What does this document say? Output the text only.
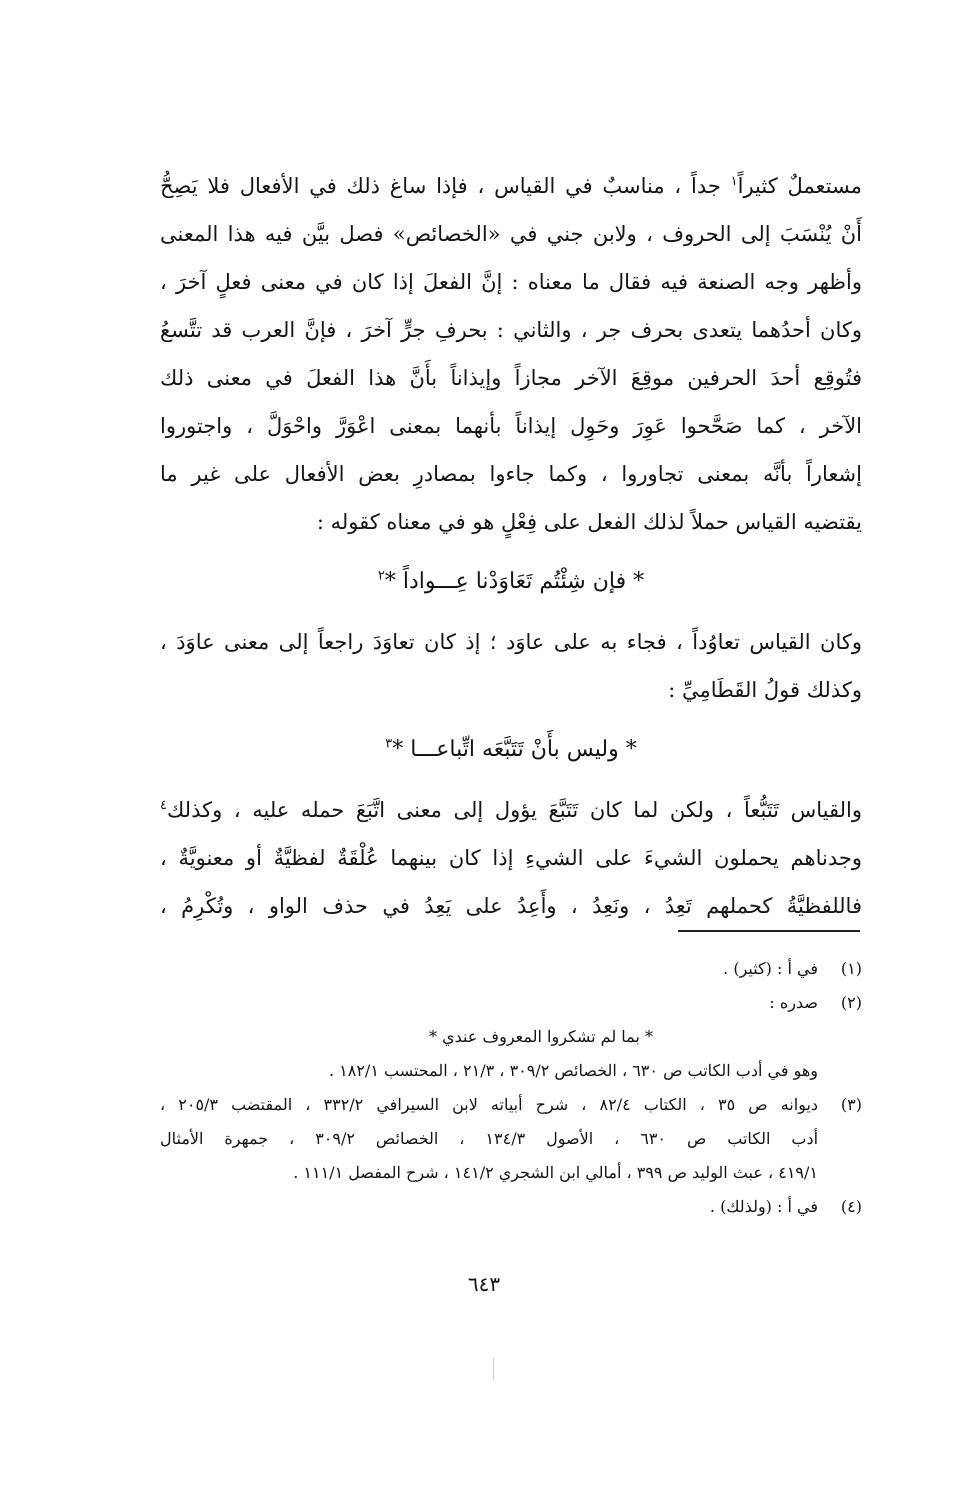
مستعملٌ كثيراً$^١$ جداً ، مناسبٌ في القياس ، فإذا ساغ ذلك في الأفعال فلا يَصِحُّ
أَنْ يُنْسَبَ إلى الحروف ، ولابن جني في «الخصائص» فصل بيَّن فيه هذا المعنى
وأظهر وجه الصنعة فيه فقال ما معناه : إنَّ الفعلَ إذا كان في معنى فعلٍ آخرَ ،
وكان أحدُهما يتعدى بحرف جر ، والثاني : بحرفِ جرٍّ آخرَ ، فإنَّ العرب قد تتَّسعُ
فتُوقِع أحدَ الحرفين موقِعَ الآخر مجازاً وإيذاناً بأَنَّ هذا الفعلَ في معنى ذلك
الآخر ، كما صَحَّحوا عَوِرَ وحَوِل إيذاناً بأنهما بمعنى اعْوَرَّ واحْوَلَّ ، واجتوروا
إشعاراً بأنَّه بمعنى تجاوروا ، وكما جاءوا بمصادرِ بعض الأفعال على غير ما
يقتضيه القياس حملاً لذلك الفعل على فِعْلٍ هو في معناه كقوله :
* فإن شِئْتُم تَعَاوَدْنا عِـــواداً *$^٢$
وكان القياس تعاوُداً ، فجاء به على عاوَد ؛ إذ كان تعاوَدَ راجعاً إلى معنى عاوَدَ ،
وكذلك قولُ القَطَامِيِّ :
* وليس بأَنْ تَتَبَّعَه اتِّباعـــا *$^٣$
والقياس تَتَبُّعاً ، ولكن لما كان تَتَبَّعَ يؤول إلى معنى اتَّبَعَ حمله عليه ، وكذلك$^٤$
وجدناهم يحملون الشيءَ على الشيءِ إذا كان بينهما عُلْقَةٌ لفظيَّةٌ أو معنويَّةٌ ،
فاللفظيَّةُ كحملهم تَعِدُ ، ونَعِدُ ، وأَعِدُ على يَعِدُ في حذف الواو ، وتُكْرِمُ ،
(١)
في أ : (كثير) .
(٢)
صدره :
* بما لم تشكروا المعروف عندي *
وهو في أدب الكاتب ص ٦٣٠ ، الخصائص ٣٠٩/٢ ، ٢١/٣ ، المحتسب ١٨٢/١ .
(٣)
ديوانه ص ٣٥ ، الكتاب ٨٢/٤ ، شرح أبياته لابن السيرافي ٣٣٢/٢ ، المقتضب ٢٠٥/٣ ،
أدب الكاتب ص ٦٣٠ ، الأصول ١٣٤/٣ ، الخصائص ٣٠٩/٢ ، جمهرة الأمثال
٤١٩/١ ، عبث الوليد ص ٣٩٩ ، أمالي ابن الشجري ١٤١/٢ ، شرح المفصل ١١١/١ .
(٤)
في أ : (ولذلك) .
٦٤٣
